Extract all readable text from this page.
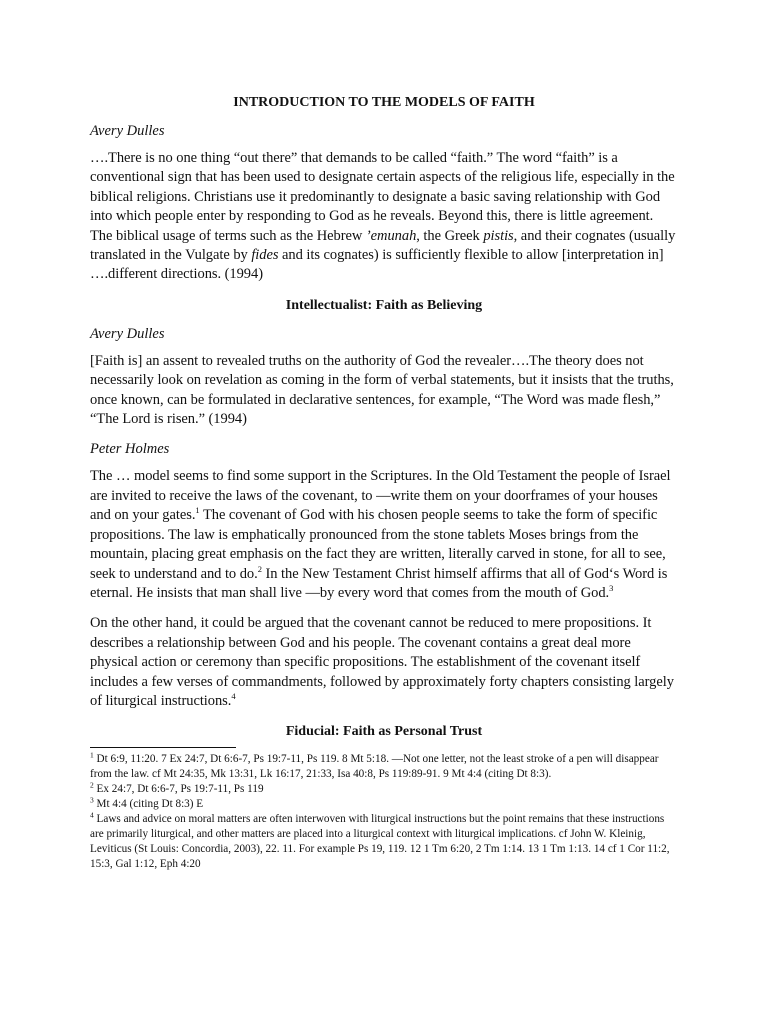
INTRODUCTION TO THE MODELS OF FAITH
Avery Dulles

….There is no one thing “out there” that demands to be called “faith.” The word “faith” is a conventional sign that has been used to designate certain aspects of the religious life, especially in the biblical religions. Christians use it predominantly to designate a basic saving relationship with God into which people enter by responding to God as he reveals. Beyond this, there is little agreement. The biblical usage of terms such as the Hebrew ’emunah, the Greek pistis, and their cognates (usually translated in the Vulgate by fides and its cognates) is sufficiently flexible to allow [interpretation in] ….different directions. (1994)

Intellectualist: Faith as Believing
Avery Dulles

[Faith is] an assent to revealed truths on the authority of God the revealer….The theory does not necessarily look on revelation as coming in the form of verbal statements, but it insists that the truths, once known, can be formulated in declarative sentences, for example, “The Word was made flesh,” “The Lord is risen.” (1994)

Peter Holmes

The … model seems to find some support in the Scriptures. In the Old Testament the people of Israel are invited to receive the laws of the covenant, to —write them on your doorframes of your houses and on your gates.$^1$ The covenant of God with his chosen people seems to take the form of specific propositions. The law is emphatically pronounced from the stone tablets Moses brings from the mountain, placing great emphasis on the fact they are written, literally carved in stone, for all to see, seek to understand and to do.$^2$ In the New Testament Christ himself affirms that all of God‘s Word is eternal. He insists that man shall live —by every word that comes from the mouth of God.$^3$

On the other hand, it could be argued that the covenant cannot be reduced to mere propositions. It describes a relationship between God and his people. The covenant contains a great deal more physical action or ceremony than specific propositions. The establishment of the covenant itself includes a few verses of commandments, followed by approximately forty chapters consisting largely of liturgical instructions.$^4$

Fiducial: Faith as Personal Trust

$^1$ Dt 6:9, 11:20. 7 Ex 24:7, Dt 6:6-7, Ps 19:7-11, Ps 119. 8 Mt 5:18. —Not one letter, not the least stroke of a pen will disappear from the law. cf Mt 24:35, Mk 13:31, Lk 16:17, 21:33, Isa 40:8, Ps 119:89-91. 9 Mt 4:4 (citing Dt 8:3).

$^2$ Ex 24:7, Dt 6:6-7, Ps 19:7-11, Ps 119

$^3$ Mt 4:4 (citing Dt 8:3) E

$^4$ Laws and advice on moral matters are often interwoven with liturgical instructions but the point remains that these instructions are primarily liturgical, and other matters are placed into a liturgical context with liturgical implications. cf John W. Kleinig, Leviticus (St Louis: Concordia, 2003), 22. 11. For example Ps 19, 119. 12 1 Tm 6:20, 2 Tm 1:14. 13 1 Tm 1:13. 14 cf 1 Cor 11:2, 15:3, Gal 1:12, Eph 4:20
